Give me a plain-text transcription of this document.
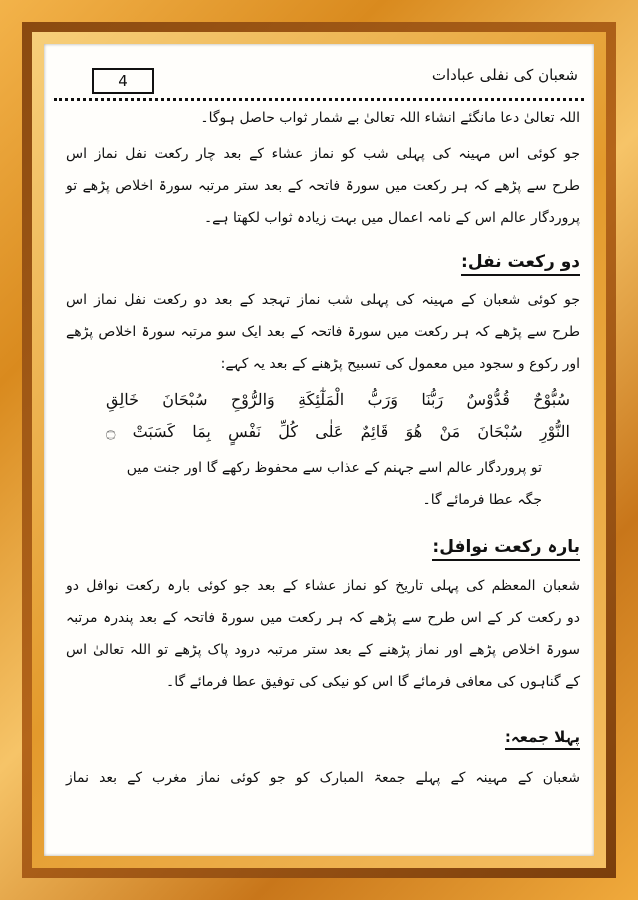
4	شعبان کی نفلی عبادات
اللہ تعالیٰ دعا مانگئے انشاء اللہ تعالیٰ بے شمار ثواب حاصل ہوگا۔
جو کوئی اس مہینہ کی پہلی شب کو نماز عشاء کے بعد چار رکعت نفل نماز اس
طرح سے پڑھے کہ ہر رکعت میں سورۃ فاتحہ کے بعد ستر مرتبہ سورۃ اخلاص پڑھے تو
پروردگار عالم اس کے نامہ اعمال میں بہت زیادہ ثواب لکھتا ہے۔
دو رکعت نفل:
جو کوئی شعبان کے مہینہ کی پہلی شب نماز تہجد کے بعد دو رکعت نفل نماز اس
طرح سے پڑھے کہ ہر رکعت میں سورۃ فاتحہ کے بعد ایک سو مرتبہ سورۃ اخلاص پڑھے
اور رکوع و سجود میں معمول کی تسبیح پڑھنے کے بعد یہ کہے:
سُبُّوْحٌ قُدُّوْسٌ رَبُّنَا وَرَبُّ الْمَلٰٓئِكَةِ وَالرُّوْحِ سُبْحَانَ خَالِقِ
النُّوْرِ سُبْحَانَ مَنْ هُوَ قَائِمٌ عَلٰى كُلِّ نَفْسٍ بِمَا كَسَبَتْ ۝
تو پروردگار عالم اسے جہنم کے عذاب سے محفوظ رکھے گا اور جنت میں
جگہ عطا فرمائے گا۔
بارہ رکعت نوافل:
شعبان المعظم کی پہلی تاریخ کو نماز عشاء کے بعد جو کوئی بارہ رکعت نوافل دو
دو رکعت کر کے اس طرح سے پڑھے کہ ہر رکعت میں سورۃ فاتحہ کے بعد پندرہ مرتبہ
سورۃ اخلاص پڑھے اور نماز پڑھنے کے بعد ستر مرتبہ درود پاک پڑھے تو اللہ تعالیٰ اس
کے گناہوں کی معافی فرمائے گا اس کو نیکی کی توفیق عطا فرمائے گا۔
پہلا جمعہ:
شعبان کے مہینہ کے پہلے جمعۃ المبارک کو جو کوئی نماز مغرب کے بعد نماز
